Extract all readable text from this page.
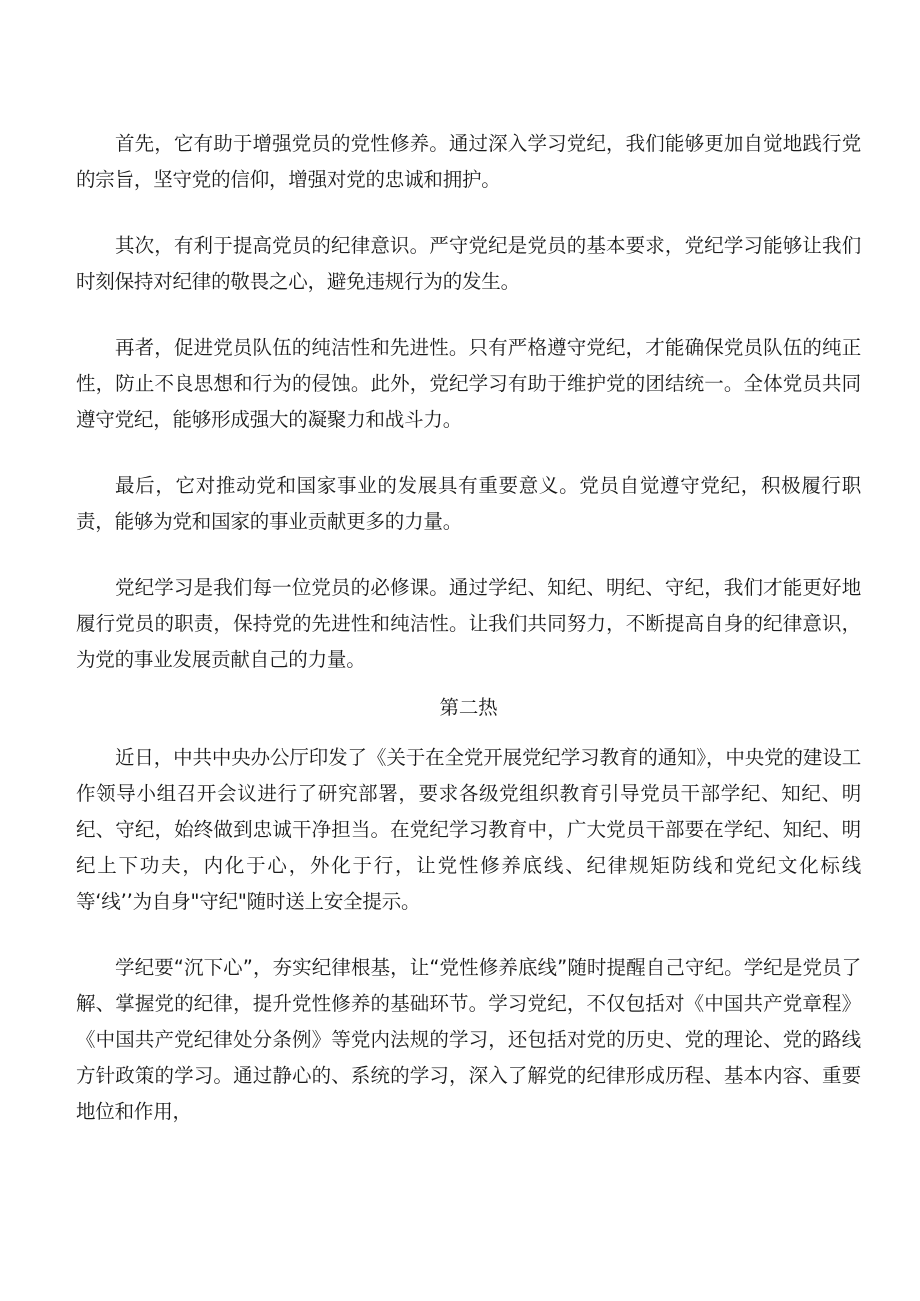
首先，它有助于增强党员的党性修养。通过深入学习党纪，我们能够更加自觉地践行党的宗旨，坚守党的信仰，增强对党的忠诚和拥护。

其次，有利于提高党员的纪律意识。严守党纪是党员的基本要求，党纪学习能够让我们时刻保持对纪律的敬畏之心，避免违规行为的发生。

再者，促进党员队伍的纯洁性和先进性。只有严格遵守党纪，才能确保党员队伍的纯正性，防止不良思想和行为的侵蚀。此外，党纪学习有助于维护党的团结统一。全体党员共同遵守党纪，能够形成强大的凝聚力和战斗力。

最后，它对推动党和国家事业的发展具有重要意义。党员自觉遵守党纪，积极履行职责，能够为党和国家的事业贡献更多的力量。

党纪学习是我们每一位党员的必修课。通过学纪、知纪、明纪、守纪，我们才能更好地履行党员的职责，保持党的先进性和纯洁性。让我们共同努力，不断提高自身的纪律意识，为党的事业发展贡献自己的力量。

第二热

近日，中共中央办公厅印发了《关于在全党开展党纪学习教育的通知》，中央党的建设工作领导小组召开会议进行了研究部署，要求各级党组织教育引导党员干部学纪、知纪、明纪、守纪，始终做到忠诚干净担当。在党纪学习教育中，广大党员干部要在学纪、知纪、明纪上下功夫，内化于心，外化于行，让党性修养底线、纪律规矩防线和党纪文化标线等‘线’’为自身"守纪"随时送上安全提示。

学纪要“沉下心”，夯实纪律根基，让“党性修养底线”随时提醒自己守纪。学纪是党员了解、掌握党的纪律，提升党性修养的基础环节。学习党纪，不仅包括对《中国共产党章程》《中国共产党纪律处分条例》等党内法规的学习，还包括对党的历史、党的理论、党的路线方针政策的学习。通过静心的、系统的学习，深入了解党的纪律形成历程、基本内容、重要地位和作用，
